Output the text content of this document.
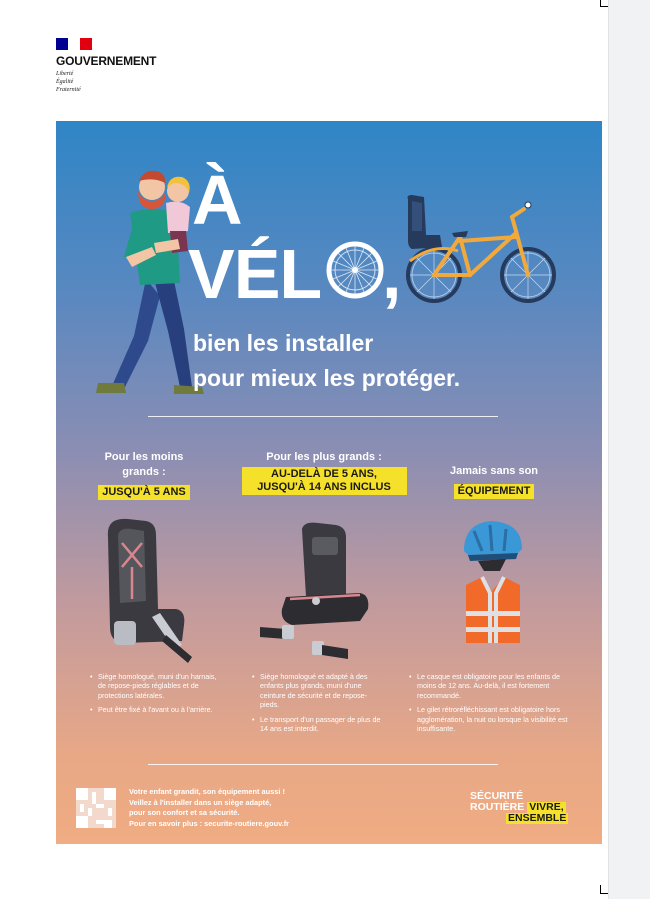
GOUVERNEMENT
Liberté
Égalité
Fraternité
À
VÉL ,
bien les installer
pour mieux les protéger.
Pour les moins grands :
JUSQU'À 5 ANS
Pour les plus grands :
AU-DELÀ DE 5 ANS, JUSQU'À 14 ANS INCLUS
Jamais sans son
ÉQUIPEMENT
• Siège homologué, muni d'un harnais, de repose-pieds réglables et de protections latérales.
• Peut être fixé à l'avant ou à l'arrière.
• Siège homologué et adapté à des enfants plus grands, muni d'une ceinture de sécurité et de repose-pieds.
• Le transport d'un passager de plus de 14 ans est interdit.
• Le casque est obligatoire pour les enfants de moins de 12 ans. Au-delà, il est fortement recommandé.
• Le gilet rétroréfléchissant est obligatoire hors agglomération, la nuit ou lorsque la visibilité est insuffisante.
Votre enfant grandit, son équipement aussi !
Veillez à l'installer dans un siège adapté,
pour son confort et sa sécurité.
Pour en savoir plus : securite-routiere.gouv.fr
SÉCURITÉ
ROUTIÈRE VIVRE,
ENSEMBLE
